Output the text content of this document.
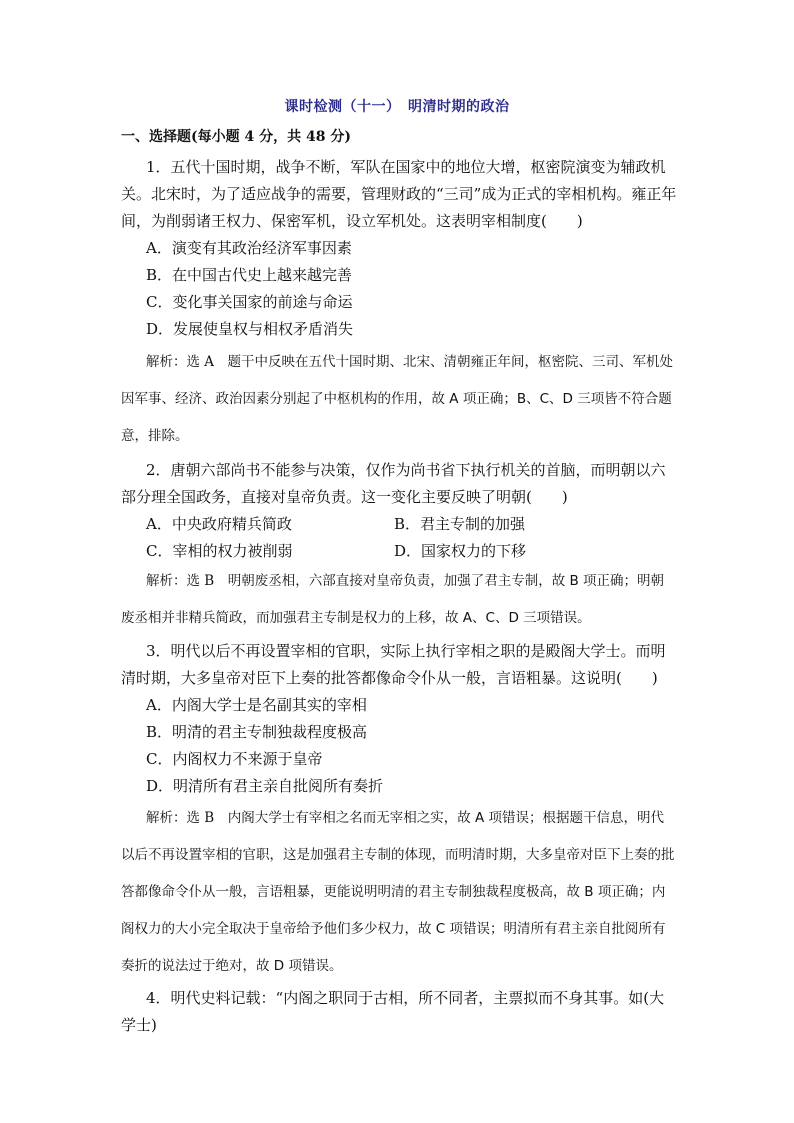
课时检测（十一）　明清时期的政治
一、选择题(每小题 4 分，共 48 分)

1．五代十国时期，战争不断，军队在国家中的地位大增，枢密院演变为辅政机关。北宋时，为了适应战争的需要，管理财政的“三司”成为正式的宰相机构。雍正年间，为削弱诸王权力、保密军机，设立军机处。这表明宰相制度(　　)

A．演变有其政治经济军事因素

B．在中国古代史上越来越完善

C．变化事关国家的前途与命运

D．发展使皇权与相权矛盾消失

解析：选 A　 题干中反映在五代十国时期、北宋、清朝雍正年间，枢密院、三司、军机处因军事、经济、政治因素分别起了中枢机构的作用，故 A 项正确；B、C、D 三项皆不符合题意，排除。

2．唐朝六部尚书不能参与决策，仅作为尚书省下执行机关的首脑，而明朝以六部分理全国政务，直接对皇帝负责。这一变化主要反映了明朝(　　)

A．中央政府精兵简政	B．君主专制的加强
C．宰相的权力被削弱	D．国家权力的下移

解析：选 B　 明朝废丞相，六部直接对皇帝负责，加强了君主专制，故 B 项正确；明朝废丞相并非精兵简政，而加强君主专制是权力的上移，故 A、C、D 三项错误。

3．明代以后不再设置宰相的官职，实际上执行宰相之职的是殿阁大学士。而明清时期，大多皇帝对臣下上奏的批答都像命令仆从一般，言语粗暴。这说明(　　)

A．内阁大学士是名副其实的宰相

B．明清的君主专制独裁程度极高

C．内阁权力不来源于皇帝

D．明清所有君主亲自批阅所有奏折

解析：选 B　 内阁大学士有宰相之名而无宰相之实，故 A 项错误；根据题干信息，明代以后不再设置宰相的官职，这是加强君主专制的体现，而明清时期，大多皇帝对臣下上奏的批答都像命令仆从一般，言语粗暴，更能说明明清的君主专制独裁程度极高，故 B 项正确；内阁权力的大小完全取决于皇帝给予他们多少权力，故 C 项错误；明清所有君主亲自批阅所有奏折的说法过于绝对，故 D 项错误。

4．明代史料记载：“内阁之职同于古相，所不同者，主票拟而不身其事。如(大学士)
